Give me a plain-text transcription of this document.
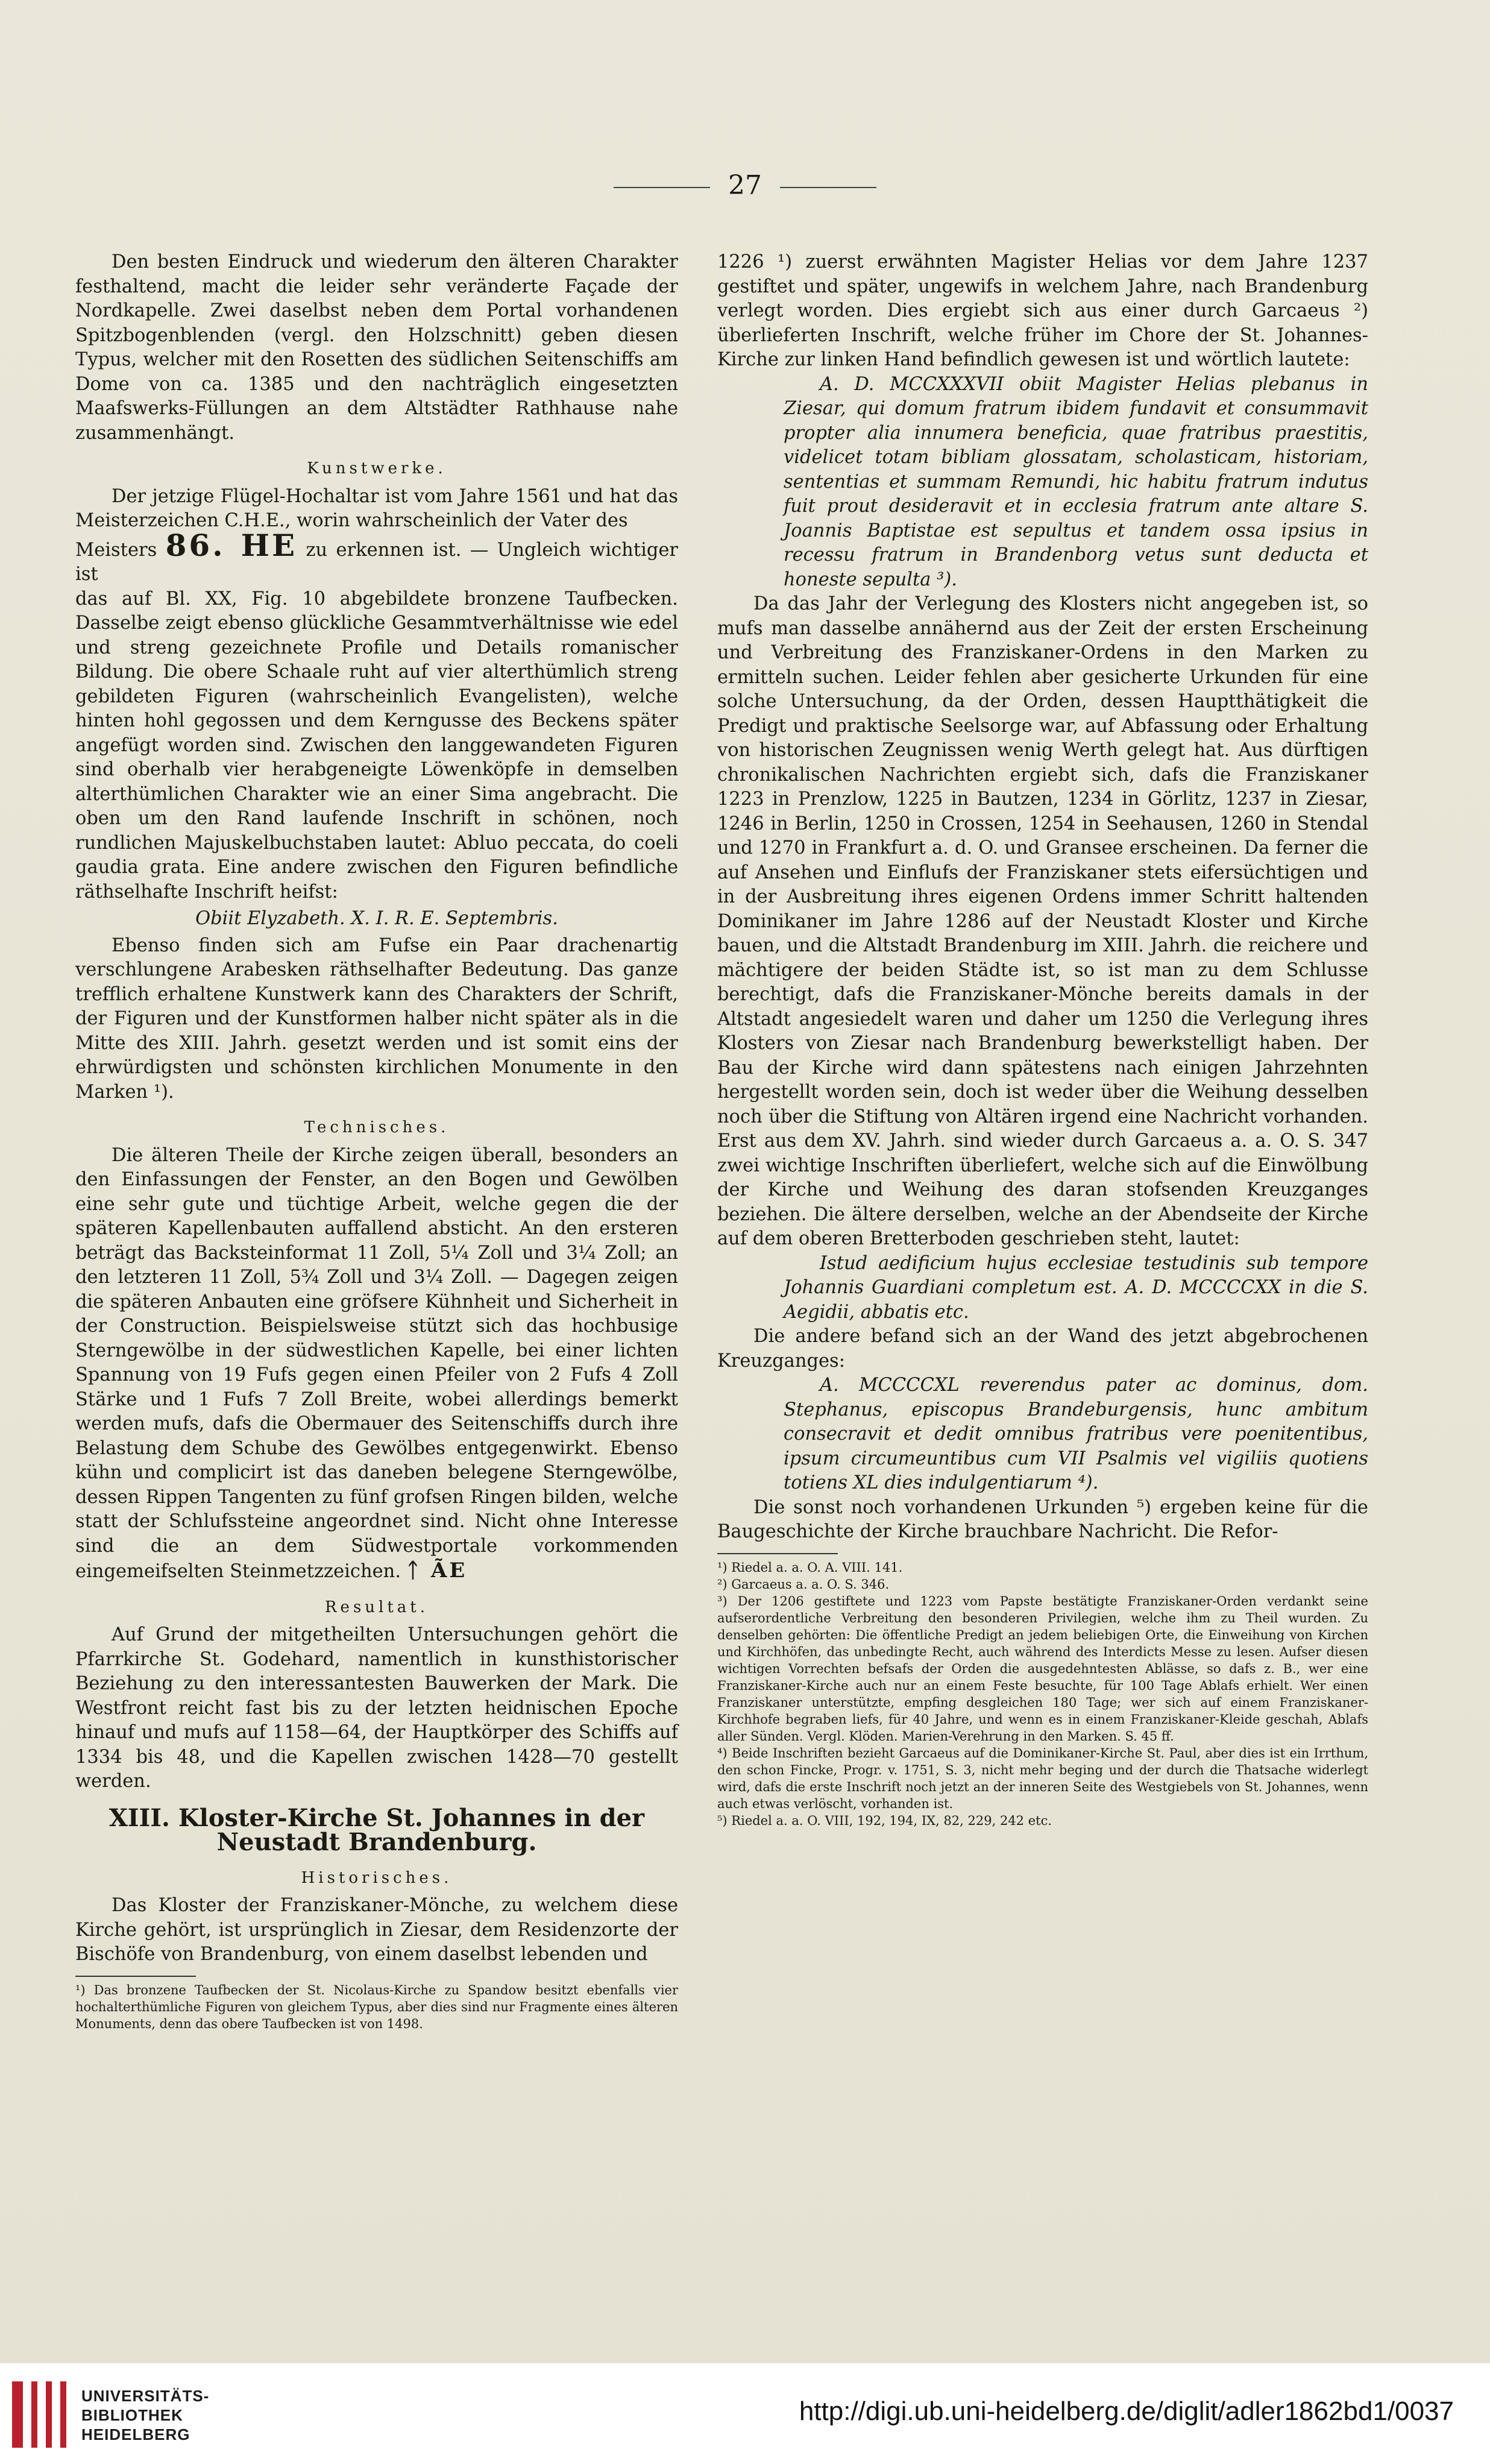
27

Den besten Eindruck und wiederum den älteren Charakter festhaltend, macht die leider sehr veränderte Façade der Nordkapelle. Zwei daselbst neben dem Portal vorhandenen Spitzbogenblenden (vergl. den Holzschnitt) geben diesen Typus, welcher mit den Rosetten des südlichen Seitenschiffs am Dome von ca. 1385 und den nachträglich eingesetzten Maafswerks-Füllungen an dem Altstädter Rathhause nahe zusammenhängt.

Kunstwerke.

Der jetzige Flügel-Hochaltar ist vom Jahre 1561 und hat das Meisterzeichen C.H.E., worin wahrscheinlich der Vater des

Meisters 86. HE zu erkennen ist. — Ungleich wichtiger ist

das auf Bl. XX, Fig. 10 abgebildete bronzene Taufbecken. Dasselbe zeigt ebenso glückliche Gesammtverhältnisse wie edel und streng gezeichnete Profile und Details romanischer Bildung. Die obere Schaale ruht auf vier alterthümlich streng gebildeten Figuren (wahrscheinlich Evangelisten), welche hinten hohl gegossen und dem Kerngusse des Beckens später angefügt worden sind. Zwischen den langgewandeten Figuren sind oberhalb vier herabgeneigte Löwenköpfe in demselben alterthümlichen Charakter wie an einer Sima angebracht. Die oben um den Rand laufende Inschrift in schönen, noch rundlichen Majuskelbuchstaben lautet: Abluo peccata, do coeli gaudia grata. Eine andere zwischen den Figuren befindliche räthselhafte Inschrift heifst:

Obiit Elyzabeth. X. I. R. E. Septembris.

Ebenso finden sich am Fufse ein Paar drachenartig verschlungene Arabesken räthselhafter Bedeutung. Das ganze trefflich erhaltene Kunstwerk kann des Charakters der Schrift, der Figuren und der Kunstformen halber nicht später als in die Mitte des XIII. Jahrh. gesetzt werden und ist somit eins der ehrwürdigsten und schönsten kirchlichen Monumente in den Marken ¹).

Technisches.

Die älteren Theile der Kirche zeigen überall, besonders an den Einfassungen der Fenster, an den Bogen und Gewölben eine sehr gute und tüchtige Arbeit, welche gegen die der späteren Kapellenbauten auffallend absticht. An den ersteren beträgt das Backsteinformat 11 Zoll, 5¼ Zoll und 3¼ Zoll; an den letzteren 11 Zoll, 5¾ Zoll und 3¼ Zoll. — Dagegen zeigen die späteren Anbauten eine gröfsere Kühnheit und Sicherheit in der Construction. Beispielsweise stützt sich das hochbusige Sterngewölbe in der südwestlichen Kapelle, bei einer lichten Spannung von 19 Fufs gegen einen Pfeiler von 2 Fufs 4 Zoll Stärke und 1 Fufs 7 Zoll Breite, wobei allerdings bemerkt werden mufs, dafs die Obermauer des Seitenschiffs durch ihre Belastung dem Schube des Gewölbes entgegenwirkt. Ebenso kühn und complicirt ist das daneben belegene Sterngewölbe, dessen Rippen Tangenten zu fünf grofsen Ringen bilden, welche statt der Schlufssteine angeordnet sind. Nicht ohne Interesse sind die an dem Südwestportale vorkommenden eingemeifselten Steinmetzzeichen. ᛏ ÃE

Resultat.

Auf Grund der mitgetheilten Untersuchungen gehört die Pfarrkirche St. Godehard, namentlich in kunsthistorischer Beziehung zu den interessantesten Bauwerken der Mark. Die Westfront reicht fast bis zu der letzten heidnischen Epoche hinauf und mufs auf 1158—64, der Hauptkörper des Schiffs auf 1334 bis 48, und die Kapellen zwischen 1428—70 gestellt werden.

XIII. Kloster-Kirche St. Johannes in der Neustadt Brandenburg.
Historisches.

Das Kloster der Franziskaner-Mönche, zu welchem diese Kirche gehört, ist ursprünglich in Ziesar, dem Residenzorte der Bischöfe von Brandenburg, von einem daselbst lebenden und

¹) Das bronzene Taufbecken der St. Nicolaus-Kirche zu Spandow besitzt ebenfalls vier hochalterthümliche Figuren von gleichem Typus, aber dies sind nur Fragmente eines älteren Monuments, denn das obere Taufbecken ist von 1498.

1226 ¹) zuerst erwähnten Magister Helias vor dem Jahre 1237 gestiftet und später, ungewifs in welchem Jahre, nach Brandenburg verlegt worden. Dies ergiebt sich aus einer durch Garcaeus ²) überlieferten Inschrift, welche früher im Chore der St. Johannes-Kirche zur linken Hand befindlich gewesen ist und wörtlich lautete:

A. D. MCCXXXVII obiit Magister Helias plebanus in Ziesar, qui domum fratrum ibidem fundavit et consummavit propter alia innumera beneficia, quae fratribus praestitis, videlicet totam bibliam glossatam, scholasticam, historiam, sententias et summam Remundi, hic habitu fratrum indutus fuit prout desideravit et in ecclesia fratrum ante altare S. Joannis Baptistae est sepultus et tandem ossa ipsius in recessu fratrum in Brandenborg vetus sunt deducta et honeste sepulta ³).

Da das Jahr der Verlegung des Klosters nicht angegeben ist, so mufs man dasselbe annähernd aus der Zeit der ersten Erscheinung und Verbreitung des Franziskaner-Ordens in den Marken zu ermitteln suchen. Leider fehlen aber gesicherte Urkunden für eine solche Untersuchung, da der Orden, dessen Hauptthätigkeit die Predigt und praktische Seelsorge war, auf Abfassung oder Erhaltung von historischen Zeugnissen wenig Werth gelegt hat. Aus dürftigen chronikalischen Nachrichten ergiebt sich, dafs die Franziskaner 1223 in Prenzlow, 1225 in Bautzen, 1234 in Görlitz, 1237 in Ziesar, 1246 in Berlin, 1250 in Crossen, 1254 in Seehausen, 1260 in Stendal und 1270 in Frankfurt a. d. O. und Gransee erscheinen. Da ferner die auf Ansehen und Einflufs der Franziskaner stets eifersüchtigen und in der Ausbreitung ihres eigenen Ordens immer Schritt haltenden Dominikaner im Jahre 1286 auf der Neustadt Kloster und Kirche bauen, und die Altstadt Brandenburg im XIII. Jahrh. die reichere und mächtigere der beiden Städte ist, so ist man zu dem Schlusse berechtigt, dafs die Franziskaner-Mönche bereits damals in der Altstadt angesiedelt waren und daher um 1250 die Verlegung ihres Klosters von Ziesar nach Brandenburg bewerkstelligt haben. Der Bau der Kirche wird dann spätestens nach einigen Jahrzehnten hergestellt worden sein, doch ist weder über die Weihung desselben noch über die Stiftung von Altären irgend eine Nachricht vorhanden. Erst aus dem XV. Jahrh. sind wieder durch Garcaeus a. a. O. S. 347 zwei wichtige Inschriften überliefert, welche sich auf die Einwölbung der Kirche und Weihung des daran stofsenden Kreuzganges beziehen. Die ältere derselben, welche an der Abendseite der Kirche auf dem oberen Bretterboden geschrieben steht, lautet:

Istud aedificium hujus ecclesiae testudinis sub tempore Johannis Guardiani completum est. A. D. MCCCCXX in die S. Aegidii, abbatis etc.

Die andere befand sich an der Wand des jetzt abgebrochenen Kreuzganges:

A. MCCCCXL reverendus pater ac dominus, dom. Stephanus, episcopus Brandeburgensis, hunc ambitum consecravit et dedit omnibus fratribus vere poenitentibus, ipsum circumeuntibus cum VII Psalmis vel vigiliis quotiens totiens XL dies indulgentiarum ⁴).

Die sonst noch vorhandenen Urkunden ⁵) ergeben keine für die Baugeschichte der Kirche brauchbare Nachricht. Die Refor-

¹) Riedel a. a. O. A. VIII. 141.

²) Garcaeus a. a. O. S. 346.

³) Der 1206 gestiftete und 1223 vom Papste bestätigte Franziskaner-Orden verdankt seine aufserordentliche Verbreitung den besonderen Privilegien, welche ihm zu Theil wurden. Zu denselben gehörten: Die öffentliche Predigt an jedem beliebigen Orte, die Einweihung von Kirchen und Kirchhöfen, das unbedingte Recht, auch während des Interdicts Messe zu lesen. Aufser diesen wichtigen Vorrechten befsafs der Orden die ausgedehntesten Ablässe, so dafs z. B., wer eine Franziskaner-Kirche auch nur an einem Feste besuchte, für 100 Tage Ablafs erhielt. Wer einen Franziskaner unterstützte, empfing desgleichen 180 Tage; wer sich auf einem Franziskaner-Kirchhofe begraben liefs, für 40 Jahre, und wenn es in einem Franziskaner-Kleide geschah, Ablafs aller Sünden. Vergl. Klöden. Marien-Verehrung in den Marken. S. 45 ff.

⁴) Beide Inschriften bezieht Garcaeus auf die Dominikaner-Kirche St. Paul, aber dies ist ein Irrthum, den schon Fincke, Progr. v. 1751, S. 3, nicht mehr beging und der durch die Thatsache widerlegt wird, dafs die erste Inschrift noch jetzt an der inneren Seite des Westgiebels von St. Johannes, wenn auch etwas verlöscht, vorhanden ist.

⁵) Riedel a. a. O. VIII, 192, 194, IX, 82, 229, 242 etc.

UNIVERSITÄTS-
BIBLIOTHEK
HEIDELBERG
http://digi.ub.uni-heidelberg.de/diglit/adler1862bd1/0037
